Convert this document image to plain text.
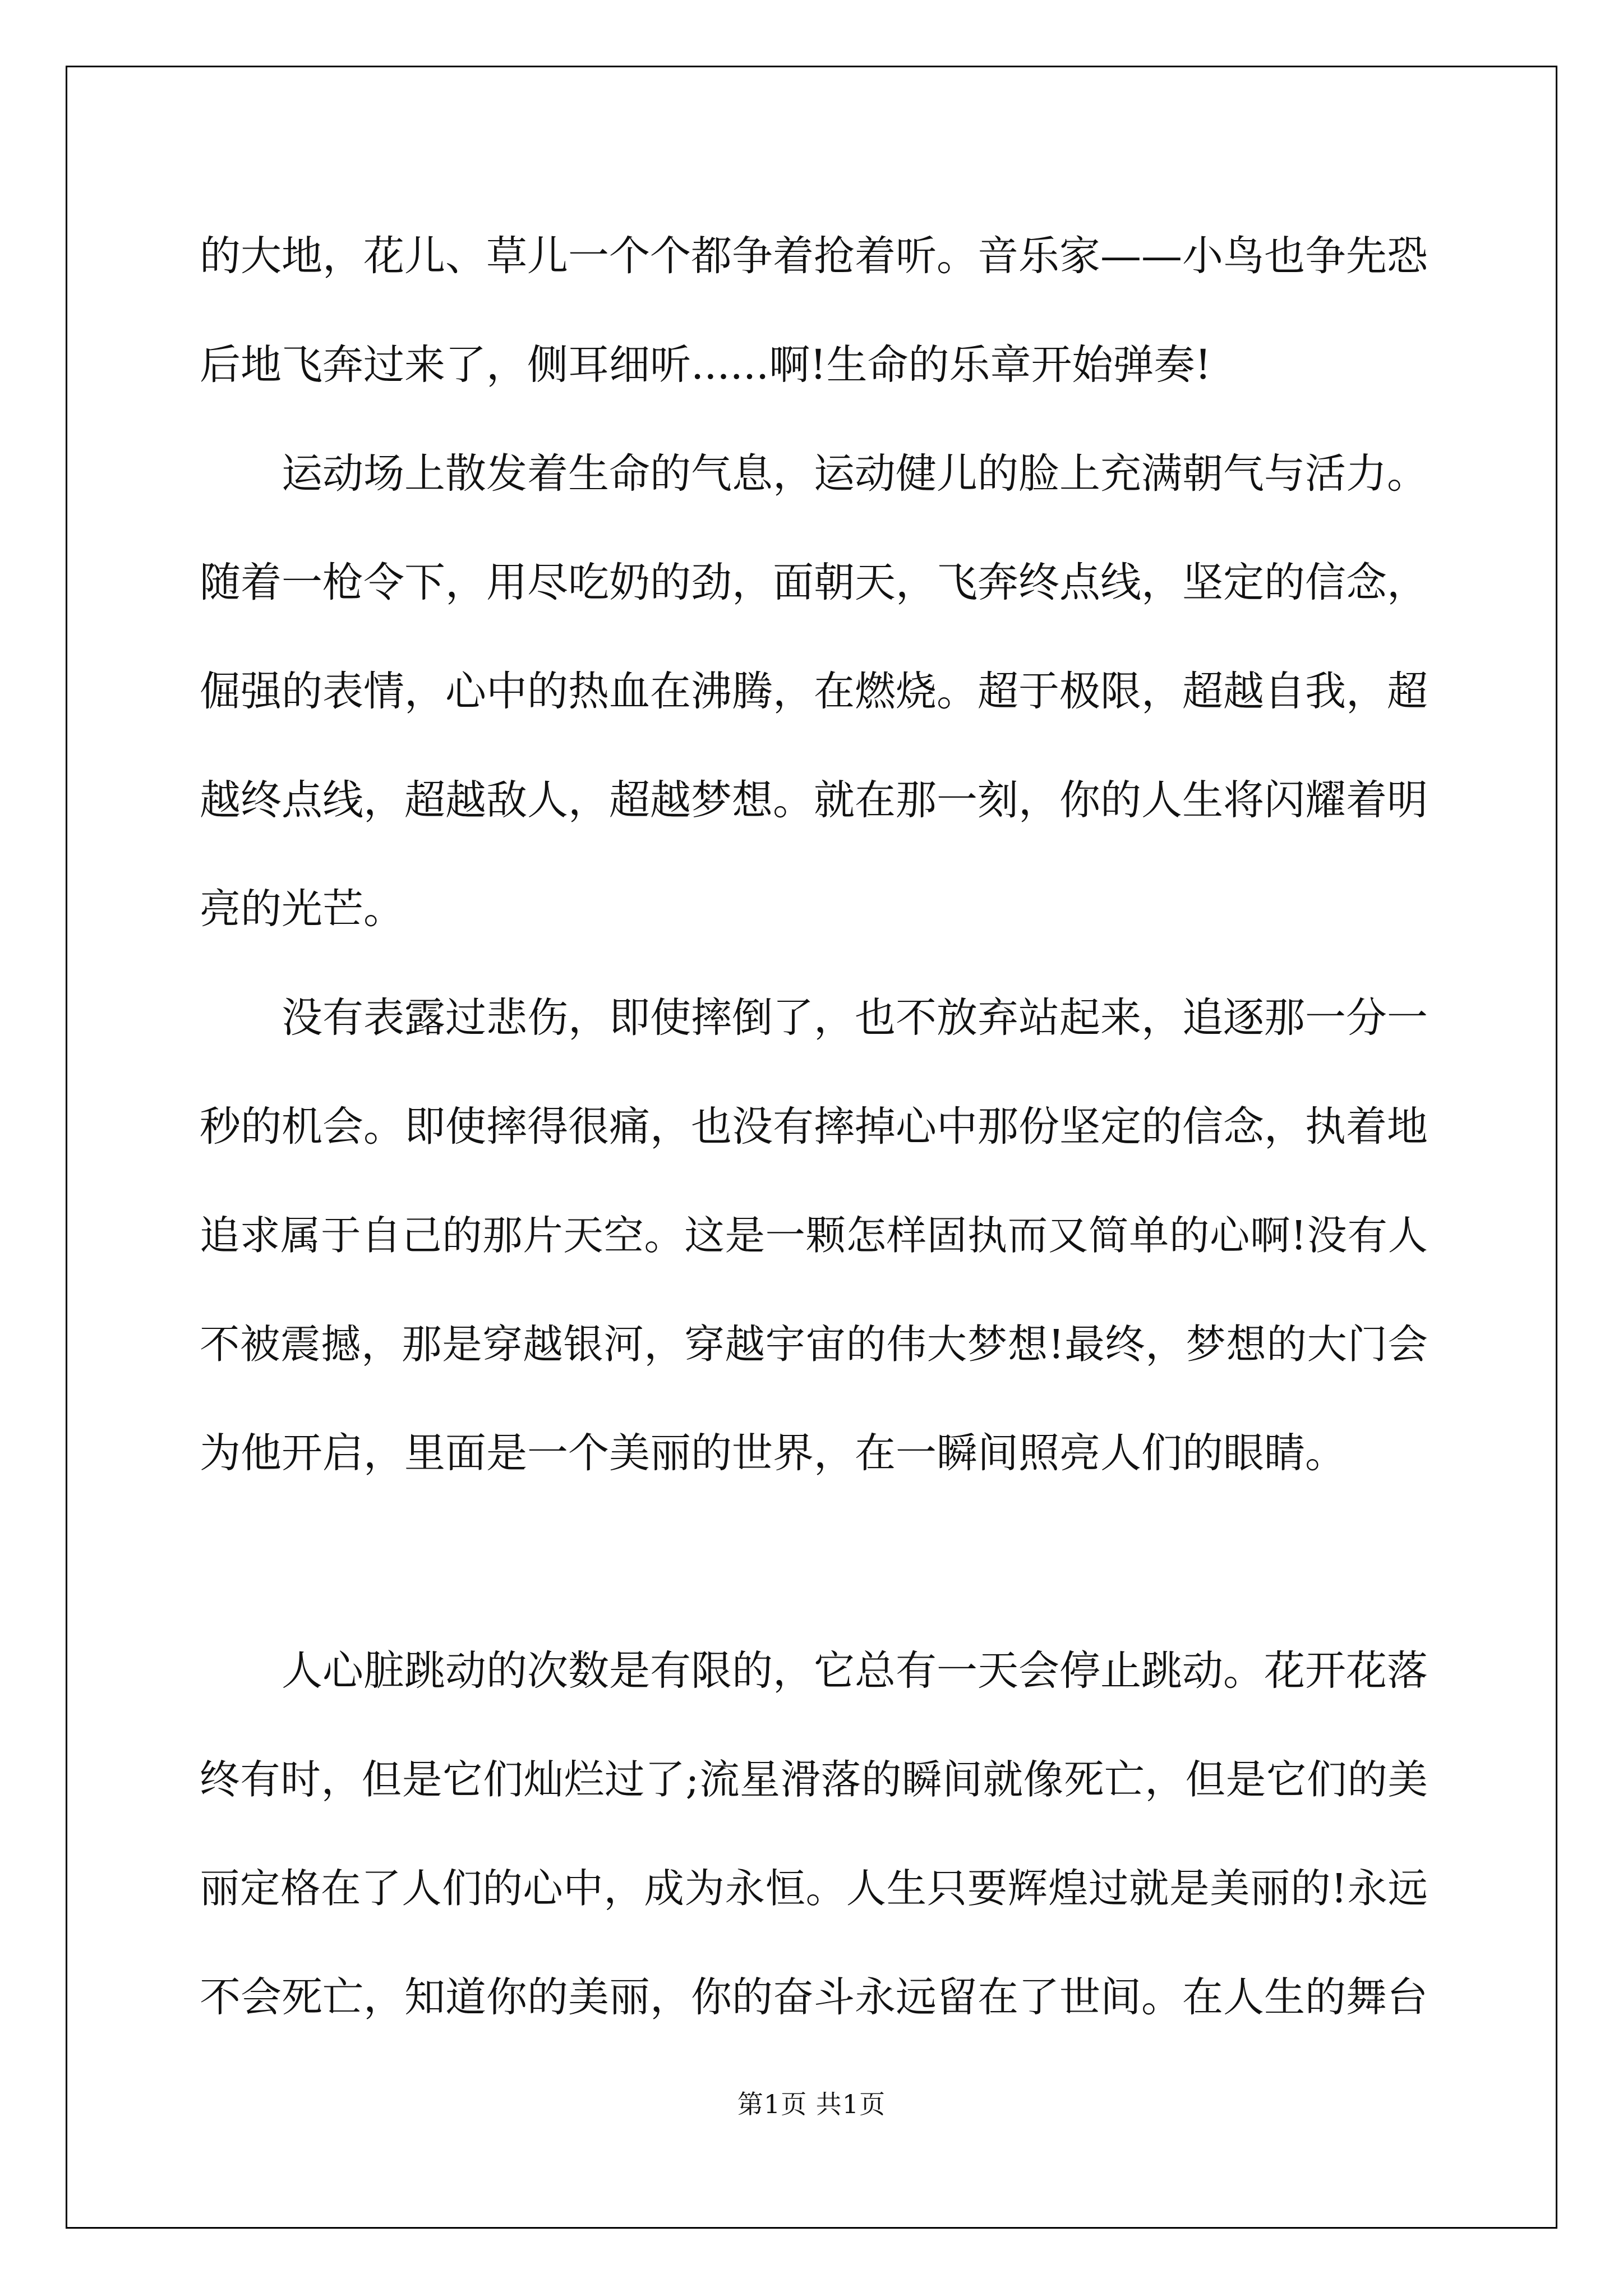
的大地，花儿、草儿一个个都争着抢着听。音乐家——小鸟也争先恐
后地飞奔过来了，侧耳细听......啊!生命的乐章开始弹奏!
运动场上散发着生命的气息，运动健儿的脸上充满朝气与活力。
随着一枪令下，用尽吃奶的劲，面朝天，飞奔终点线，坚定的信念，
倔强的表情，心中的热血在沸腾，在燃烧。超于极限，超越自我，超
越终点线，超越敌人，超越梦想。就在那一刻，你的人生将闪耀着明
亮的光芒。
没有表露过悲伤，即使摔倒了，也不放弃站起来，追逐那一分一
秒的机会。即使摔得很痛，也没有摔掉心中那份坚定的信念，执着地
追求属于自己的那片天空。这是一颗怎样固执而又简单的心啊!没有人
不被震撼，那是穿越银河，穿越宇宙的伟大梦想!最终，梦想的大门会
为他开启，里面是一个美丽的世界，在一瞬间照亮人们的眼睛。
人心脏跳动的次数是有限的，它总有一天会停止跳动。花开花落
终有时，但是它们灿烂过了;流星滑落的瞬间就像死亡，但是它们的美
丽定格在了人们的心中，成为永恒。人生只要辉煌过就是美丽的!永远
不会死亡，知道你的美丽，你的奋斗永远留在了世间。在人生的舞台
第1页 共1页
